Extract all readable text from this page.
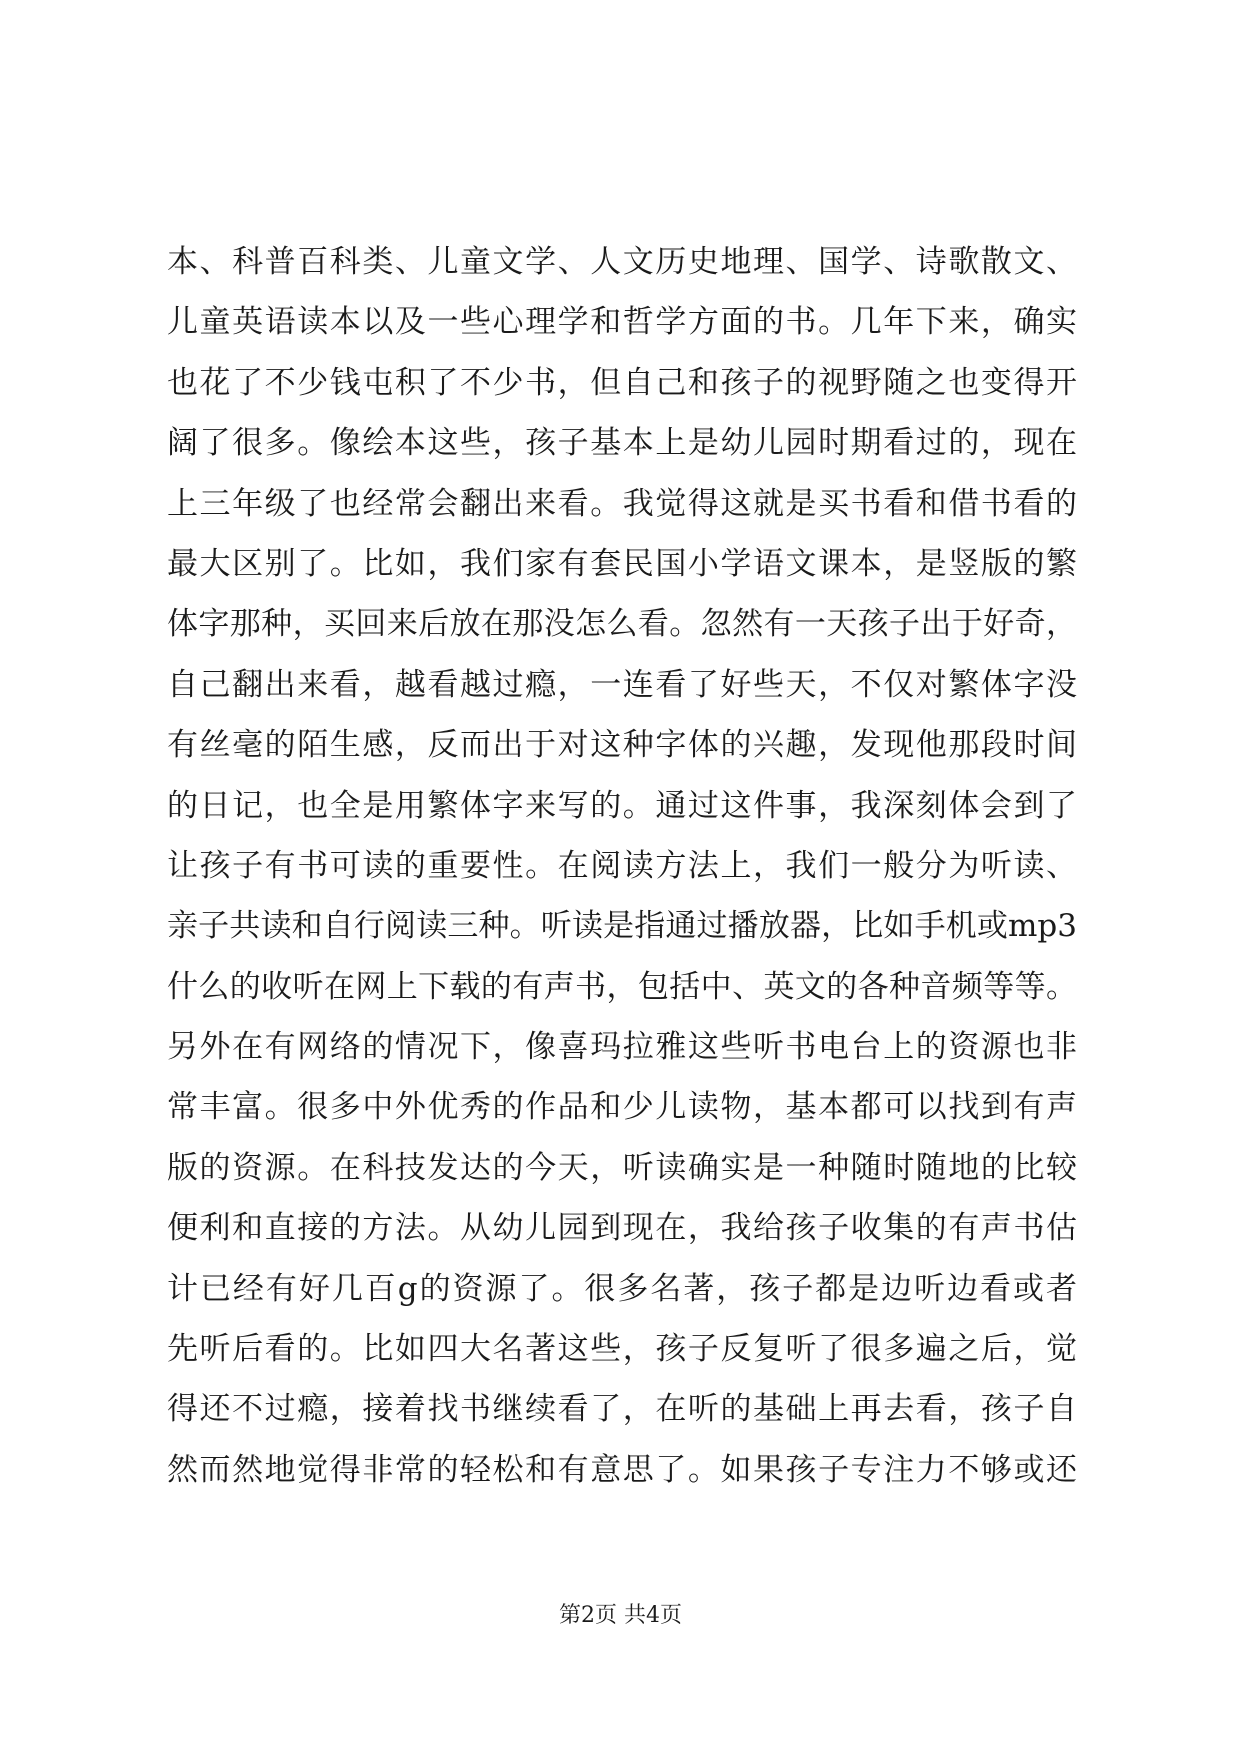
本、科普百科类、儿童文学、人文历史地理、国学、诗歌散文、
儿童英语读本以及一些心理学和哲学方面的书。几年下来，确实
也花了不少钱屯积了不少书，但自己和孩子的视野随之也变得开
阔了很多。像绘本这些，孩子基本上是幼儿园时期看过的，现在
上三年级了也经常会翻出来看。我觉得这就是买书看和借书看的
最大区别了。比如，我们家有套民国小学语文课本，是竖版的繁
体字那种，买回来后放在那没怎么看。忽然有一天孩子出于好奇，
自己翻出来看，越看越过瘾，一连看了好些天，不仅对繁体字没
有丝毫的陌生感，反而出于对这种字体的兴趣，发现他那段时间
的日记，也全是用繁体字来写的。通过这件事，我深刻体会到了
让孩子有书可读的重要性。在阅读方法上，我们一般分为听读、
亲子共读和自行阅读三种。听读是指通过播放器，比如手机或mp3
什么的收听在网上下载的有声书，包括中、英文的各种音频等等。
另外在有网络的情况下，像喜玛拉雅这些听书电台上的资源也非
常丰富。很多中外优秀的作品和少儿读物，基本都可以找到有声
版的资源。在科技发达的今天，听读确实是一种随时随地的比较
便利和直接的方法。从幼儿园到现在，我给孩子收集的有声书估
计已经有好几百g的资源了。很多名著，孩子都是边听边看或者
先听后看的。比如四大名著这些，孩子反复听了很多遍之后，觉
得还不过瘾，接着找书继续看了，在听的基础上再去看，孩子自
然而然地觉得非常的轻松和有意思了。如果孩子专注力不够或还
第2页 共4页
